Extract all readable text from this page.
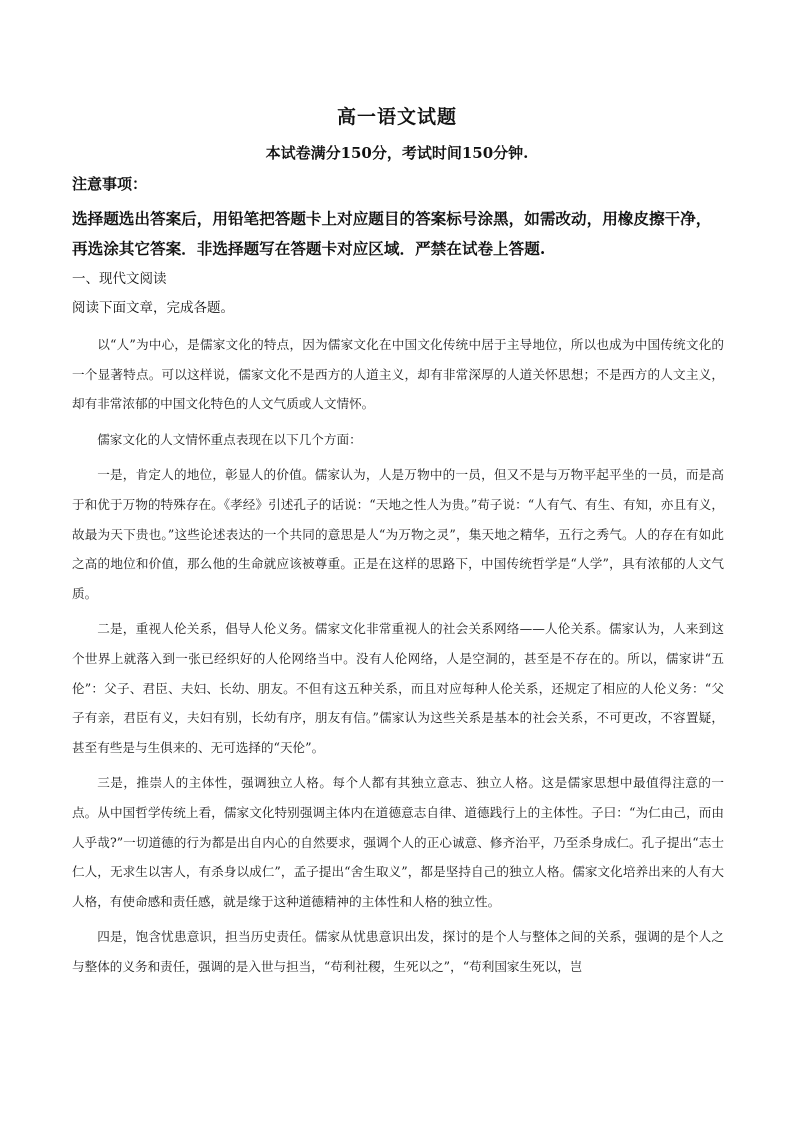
高一语文试题
本试卷满分150分，考试时间150分钟.
注意事项：
选择题选出答案后，用铅笔把答题卡上对应题目的答案标号涂黑，如需改动，用橡皮擦干净，
再选涂其它答案．非选择题写在答题卡对应区域．严禁在试卷上答题.
一、现代文阅读
阅读下面文章，完成各题。

以“人”为中心，是儒家文化的特点，因为儒家文化在中国文化传统中居于主导地位，所以也成为中国传统文化的一个显著特点。可以这样说，儒家文化不是西方的人道主义，却有非常深厚的人道关怀思想；不是西方的人文主义，却有非常浓郁的中国文化特色的人文气质或人文情怀。

儒家文化的人文情怀重点表现在以下几个方面：

一是，肯定人的地位，彰显人的价值。儒家认为，人是万物中的一员，但又不是与万物平起平坐的一员，而是高于和优于万物的特殊存在。《孝经》引述孔子的话说：“天地之性人为贵。”荀子说：“人有气、有生、有知，亦且有义，故最为天下贵也。”这些论述表达的一个共同的意思是人“为万物之灵”，集天地之精华，五行之秀气。人的存在有如此之高的地位和价值，那么他的生命就应该被尊重。正是在这样的思路下，中国传统哲学是“人学”，具有浓郁的人文气质。

二是，重视人伦关系，倡导人伦义务。儒家文化非常重视人的社会关系网络——人伦关系。儒家认为，人来到这个世界上就落入到一张已经织好的人伦网络当中。没有人伦网络，人是空洞的，甚至是不存在的。所以，儒家讲“五伦”：父子、君臣、夫妇、长幼、朋友。不但有这五种关系，而且对应每种人伦关系，还规定了相应的人伦义务：“父子有亲，君臣有义，夫妇有别，长幼有序，朋友有信。”儒家认为这些关系是基本的社会关系，不可更改，不容置疑，甚至有些是与生俱来的、无可选择的“天伦”。

三是，推崇人的主体性，强调独立人格。每个人都有其独立意志、独立人格。这是儒家思想中最值得注意的一点。从中国哲学传统上看，儒家文化特别强调主体内在道德意志自律、道德践行上的主体性。子曰：“为仁由己，而由人乎哉?”一切道德的行为都是出自内心的自然要求，强调个人的正心诚意、修齐治平，乃至杀身成仁。孔子提出“志士仁人，无求生以害人，有杀身以成仁”，孟子提出“舍生取义”，都是坚持自己的独立人格。儒家文化培养出来的人有大人格，有使命感和责任感，就是缘于这种道德精神的主体性和人格的独立性。

四是，饱含忧患意识，担当历史责任。儒家从忧患意识出发，探讨的是个人与整体之间的关系，强调的是个人之与整体的义务和责任，强调的是入世与担当，“苟利社稷，生死以之”，“苟利国家生死以，岂
